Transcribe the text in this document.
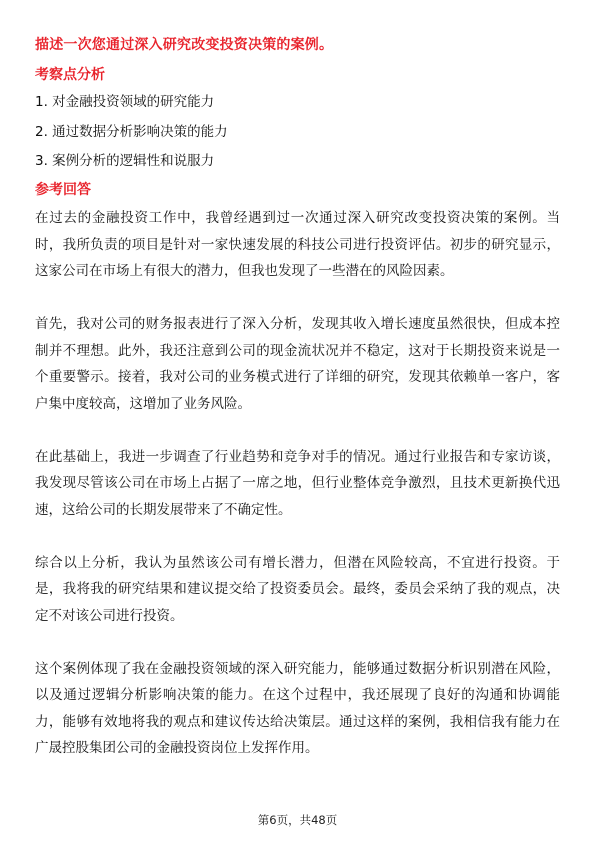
描述一次您通过深入研究改变投资决策的案例。
考察点分析
1. 对金融投资领域的研究能力
2. 通过数据分析影响决策的能力
3. 案例分析的逻辑性和说服力
参考回答

在过去的金融投资工作中，我曾经遇到过一次通过深入研究改变投资决策的案例。当时，我所负责的项目是针对一家快速发展的科技公司进行投资评估。初步的研究显示，这家公司在市场上有很大的潜力，但我也发现了一些潜在的风险因素。

首先，我对公司的财务报表进行了深入分析，发现其收入增长速度虽然很快，但成本控制并不理想。此外，我还注意到公司的现金流状况并不稳定，这对于长期投资来说是一个重要警示。接着，我对公司的业务模式进行了详细的研究，发现其依赖单一客户，客户集中度较高，这增加了业务风险。

在此基础上，我进一步调查了行业趋势和竞争对手的情况。通过行业报告和专家访谈，我发现尽管该公司在市场上占据了一席之地，但行业整体竞争激烈，且技术更新换代迅速，这给公司的长期发展带来了不确定性。

综合以上分析，我认为虽然该公司有增长潜力，但潜在风险较高，不宜进行投资。于是，我将我的研究结果和建议提交给了投资委员会。最终，委员会采纳了我的观点，决定不对该公司进行投资。

这个案例体现了我在金融投资领域的深入研究能力，能够通过数据分析识别潜在风险，以及通过逻辑分析影响决策的能力。在这个过程中，我还展现了良好的沟通和协调能力，能够有效地将我的观点和建议传达给决策层。通过这样的案例，我相信我有能力在广晟控股集团公司的金融投资岗位上发挥作用。

第6页，共48页
